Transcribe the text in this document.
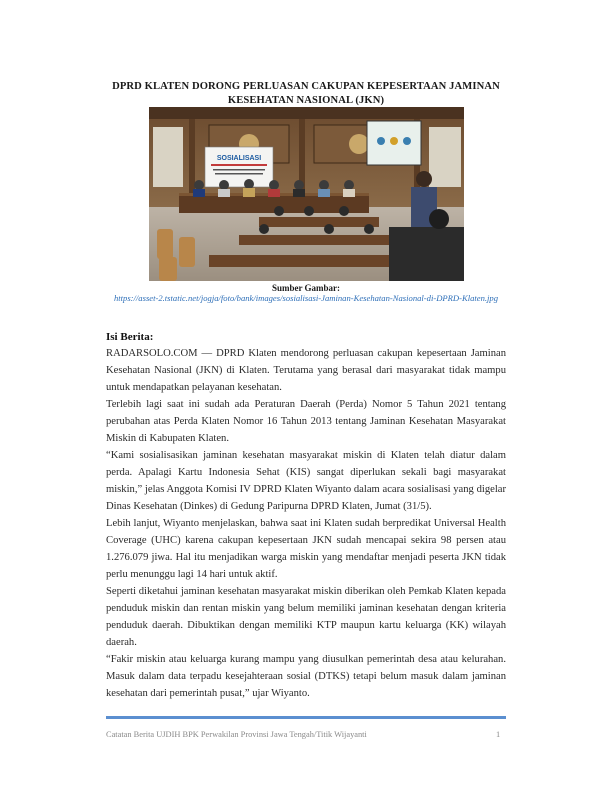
DPRD KLATEN DORONG PERLUASAN CAKUPAN KEPESERTAAN JAMINAN KESEHATAN NASIONAL (JKN)
SOSIALISASI
Sumber Gambar:
https://asset-2.tstatic.net/jogja/foto/bank/images/sosialisasi-Jaminan-Kesehatan-Nasional-di-DPRD-Klaten.jpg
Isi Berita:

RADARSOLO.COM — DPRD Klaten mendorong perluasan cakupan kepesertaan Jaminan Kesehatan Nasional (JKN) di Klaten. Terutama yang berasal dari masyarakat tidak mampu untuk mendapatkan pelayanan kesehatan.

Terlebih lagi saat ini sudah ada Peraturan Daerah (Perda) Nomor 5 Tahun 2021 tentang perubahan atas Perda Klaten Nomor 16 Tahun 2013 tentang Jaminan Kesehatan Masyarakat Miskin di Kabupaten Klaten.

“Kami sosialisasikan jaminan kesehatan masyarakat miskin di Klaten telah diatur dalam perda. Apalagi Kartu Indonesia Sehat (KIS) sangat diperlukan sekali bagi masyarakat miskin,” jelas Anggota Komisi IV DPRD Klaten Wiyanto dalam acara sosialisasi yang digelar Dinas Kesehatan (Dinkes) di Gedung Paripurna DPRD Klaten, Jumat (31/5).

Lebih lanjut, Wiyanto menjelaskan, bahwa saat ini Klaten sudah berpredikat Universal Health Coverage (UHC) karena cakupan kepesertaan JKN sudah mencapai sekira 98 persen atau 1.276.079 jiwa. Hal itu menjadikan warga miskin yang mendaftar menjadi peserta JKN tidak perlu menunggu lagi 14 hari untuk aktif.

Seperti diketahui jaminan kesehatan masyarakat miskin diberikan oleh Pemkab Klaten kepada penduduk miskin dan rentan miskin yang belum memiliki jaminan kesehatan dengan kriteria penduduk daerah. Dibuktikan dengan memiliki KTP maupun kartu keluarga (KK) wilayah daerah.

“Fakir miskin atau keluarga kurang mampu yang diusulkan pemerintah desa atau kelurahan. Masuk dalam data terpadu kesejahteraan sosial (DTKS) tetapi belum masuk dalam jaminan kesehatan dari pemerintah pusat,” ujar Wiyanto.

Catatan Berita UJDIH BPK Perwakilan Provinsi Jawa Tengah/Titik Wijayanti	1
